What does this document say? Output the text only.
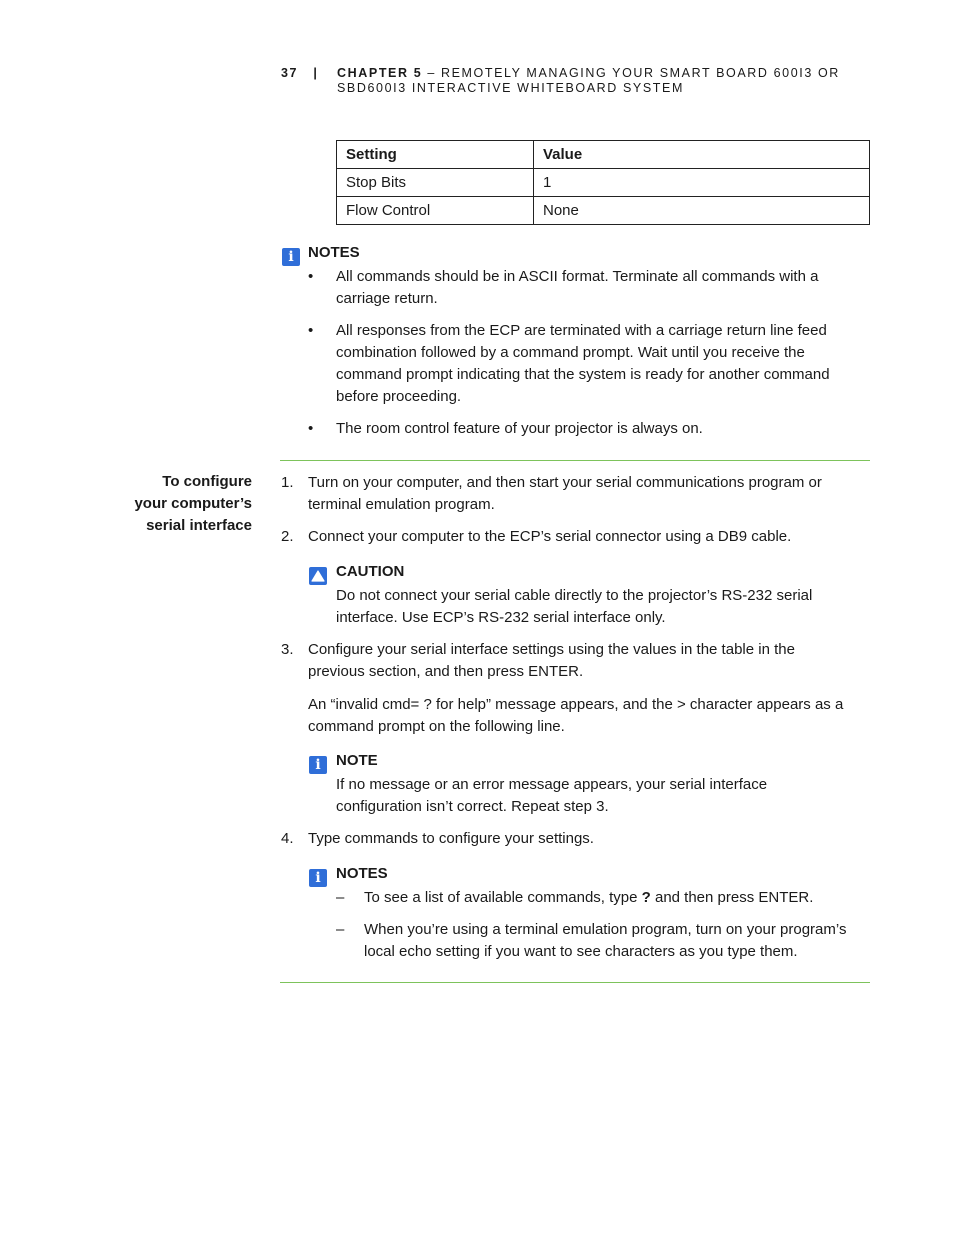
37 | CHAPTER 5 – REMOTELY MANAGING YOUR SMART BOARD 600I3 OR
SBD600I3 INTERACTIVE WHITEBOARD SYSTEM
Setting	Value
Stop Bits	1
Flow Control	None
i NOTES
• All commands should be in ASCII format. Terminate all commands with a carriage return.
• All responses from the ECP are terminated with a carriage return line feed combination followed by a command prompt. Wait until you receive the command prompt indicating that the system is ready for another command before proceeding.
• The room control feature of your projector is always on.
To configure
your computer’s
serial interface
1. Turn on your computer, and then start your serial communications program or terminal emulation program.
2. Connect your computer to the ECP’s serial connector using a DB9 cable.
CAUTION
Do not connect your serial cable directly to the projector’s RS-232 serial interface. Use ECP’s RS-232 serial interface only.
3. Configure your serial interface settings using the values in the table in the previous section, and then press ENTER.
An “invalid cmd= ? for help” message appears, and the > character appears as a command prompt on the following line.
i	NOTE
If no message or an error message appears, your serial interface configuration isn’t correct. Repeat step 3.
4. Type commands to configure your settings.
i	NOTES
– To see a list of available commands, type ? and then press ENTER.
– When you’re using a terminal emulation program, turn on your program’s local echo setting if you want to see characters as you type them.
